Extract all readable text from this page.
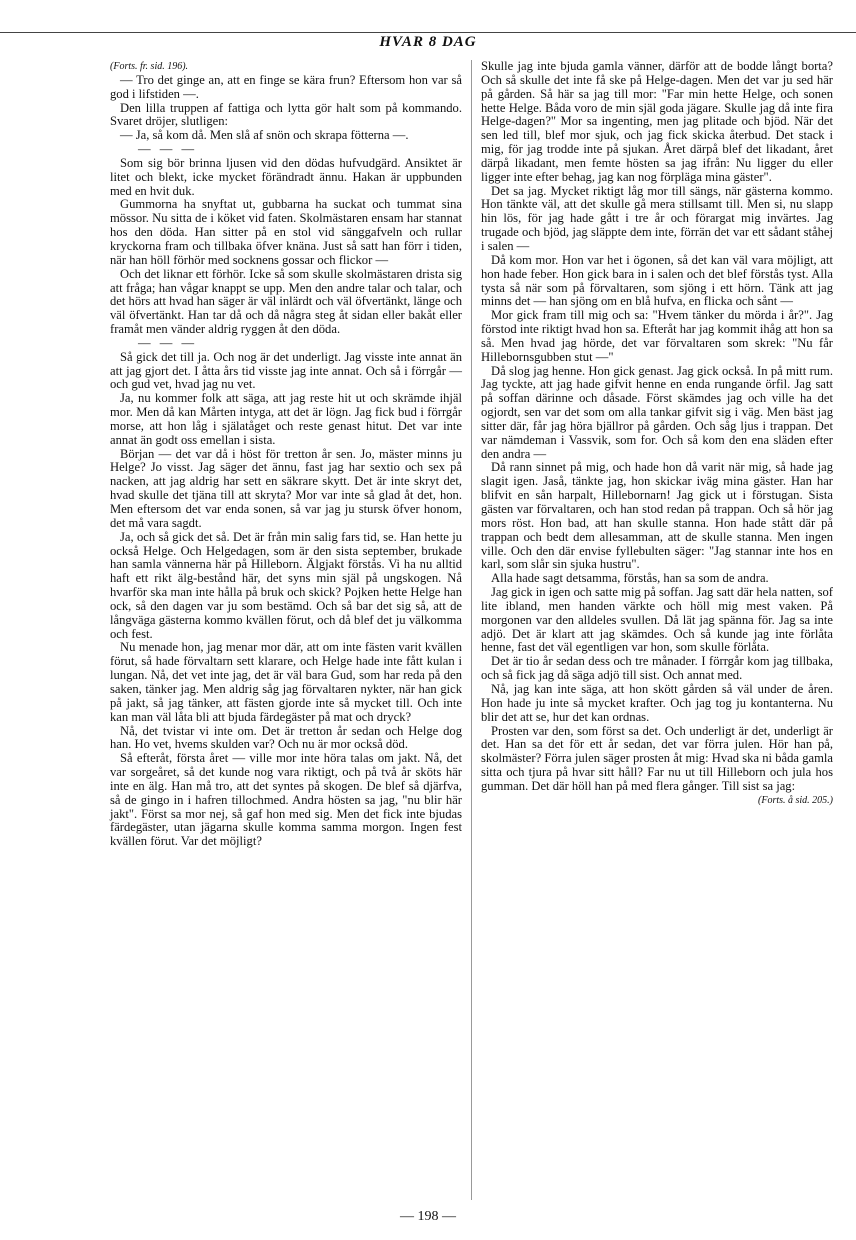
HVAR 8 DAG

(Forts. fr. sid. 196).

— Tro det ginge an, att en finge se kära frun? Eftersom hon var så god i lifstiden —.

Den lilla truppen af fattiga och lytta gör halt som på kommando. Svaret dröjer, slutligen:

— Ja, så kom då. Men slå af snön och skrapa fötterna —.

— — —

Som sig bör brinna ljusen vid den dödas hufvudgärd. Ansiktet är litet och blekt, icke mycket förändradt ännu. Hakan är uppbunden med en hvit duk.

Gummorna ha snyftat ut, gubbarna ha suckat och tummat sina mössor. Nu sitta de i köket vid faten. Skolmästaren ensam har stannat hos den döda. Han sitter på en stol vid sänggafveln och rullar kryckorna fram och tillbaka öfver knäna. Just så satt han förr i tiden, när han höll förhör med socknens gossar och flickor —

Och det liknar ett förhör. Icke så som skulle skolmästaren drista sig att fråga; han vågar knappt se upp. Men den andre talar och talar, och det hörs att hvad han säger är väl inlärdt och väl öfvertänkt, länge och väl öfvertänkt. Han tar då och då några steg åt sidan eller bakåt eller framåt men vänder aldrig ryggen åt den döda.

— — —

Så gick det till ja. Och nog är det underligt. Jag visste inte annat än att jag gjort det. I åtta års tid visste jag inte annat. Och så i förrgår — och gud vet, hvad jag nu vet.

Ja, nu kommer folk att säga, att jag reste hit ut och skrämde ihjäl mor. Men då kan Mårten intyga, att det är lögn. Jag fick bud i förrgår morse, att hon låg i själatåget och reste genast hitut. Det var inte annat än godt oss emellan i sista.

Början — det var då i höst för tretton år sen. Jo, mäster minns ju Helge? Jo visst. Jag säger det ännu, fast jag har sextio och sex på nacken, att jag aldrig har sett en säkrare skytt. Det är inte skryt det, hvad skulle det tjäna till att skryta? Mor var inte så glad åt det, hon. Men eftersom det var enda sonen, så var jag ju stursk öfver honom, det må vara sagdt.

Ja, och så gick det så. Det är från min salig fars tid, se. Han hette ju också Helge. Och Helgedagen, som är den sista september, brukade han samla vännerna här på Hilleborn. Älgjakt förstås. Vi ha nu alltid haft ett rikt älg-bestånd här, det syns min själ på ungskogen. Nå hvarför ska man inte hålla på bruk och skick? Pojken hette Helge han ock, så den dagen var ju som bestämd. Och så bar det sig så, att de långväga gästerna kommo kvällen förut, och då blef det ju välkomma och fest.

Nu menade hon, jag menar mor där, att om inte fästen varit kvällen förut, så hade förvaltarn sett klarare, och Helge hade inte fått kulan i lungan. Nå, det vet inte jag, det är väl bara Gud, som har reda på den saken, tänker jag. Men aldrig såg jag förvaltaren nykter, när han gick på jakt, så jag tänker, att fästen gjorde inte så mycket till. Och inte kan man väl låta bli att bjuda färdegäster på mat och dryck?

Nå, det tvistar vi inte om. Det är tretton år sedan och Helge dog han. Ho vet, hvems skulden var? Och nu är mor också död.

Så efteråt, första året — ville mor inte höra talas om jakt. Nå, det var sorgeåret, så det kunde nog vara riktigt, och på två år sköts här inte en älg. Han må tro, att det syntes på skogen. De blef så djärfva, så de gingo in i hafren tillochmed. Andra hösten sa jag, "nu blir här jakt". Först sa mor nej, så gaf hon med sig. Men det fick inte bjudas färdegäster, utan jägarna skulle komma samma morgon. Ingen fest kvällen förut. Var det möjligt?

Skulle jag inte bjuda gamla vänner, därför att de bodde långt borta? Och så skulle det inte få ske på Helge-dagen. Men det var ju sed här på gården. Så här sa jag till mor: "Far min hette Helge, och sonen hette Helge. Båda voro de min själ goda jägare. Skulle jag då inte fira Helge-dagen?" Mor sa ingenting, men jag plitade och bjöd. När det sen led till, blef mor sjuk, och jag fick skicka återbud. Det stack i mig, för jag trodde inte på sjukan. Året därpå blef det likadant, året därpå likadant, men femte hösten sa jag ifrån: Nu ligger du eller ligger inte efter behag, jag kan nog förpläga mina gäster".

Det sa jag. Mycket riktigt låg mor till sängs, när gästerna kommo. Hon tänkte väl, att det skulle gå mera stillsamt till. Men si, nu slapp hin lös, för jag hade gått i tre år och förargat mig invärtes. Jag trugade och bjöd, jag släppte dem inte, förrän det var ett sådant ståhej i salen —

Då kom mor. Hon var het i ögonen, så det kan väl vara möjligt, att hon hade feber. Hon gick bara in i salen och det blef förstås tyst. Alla tysta så när som på förvaltaren, som sjöng i ett hörn. Tänk att jag minns det — han sjöng om en blå hufva, en flicka och sånt —

Mor gick fram till mig och sa: "Hvem tänker du mörda i år?". Jag förstod inte riktigt hvad hon sa. Efteråt har jag kommit ihåg att hon sa så. Men hvad jag hörde, det var förvaltaren som skrek: "Nu får Hillebornsgubben stut —"

Då slog jag henne. Hon gick genast. Jag gick också. In på mitt rum. Jag tyckte, att jag hade gifvit henne en enda rungande örfil. Jag satt på soffan därinne och dåsade. Först skämdes jag och ville ha det ogjordt, sen var det som om alla tankar gifvit sig i väg. Men bäst jag sitter där, får jag höra bjällror på gården. Och såg ljus i trappan. Det var nämdeman i Vassvik, som for. Och så kom den ena släden efter den andra —

Då rann sinnet på mig, och hade hon då varit när mig, så hade jag slagit igen. Jaså, tänkte jag, hon skickar iväg mina gäster. Han har blifvit en sån harpalt, Hillebornarn! Jag gick ut i förstugan. Sista gästen var förvaltaren, och han stod redan på trappan. Och så hör jag mors röst. Hon bad, att han skulle stanna. Hon hade stått där på trappan och bedt dem allesamman, att de skulle stanna. Men ingen ville. Och den där envise fyllebulten säger: "Jag stannar inte hos en karl, som slår sin sjuka hustru".

Alla hade sagt detsamma, förstås, han sa som de andra.

Jag gick in igen och satte mig på soffan. Jag satt där hela natten, sof lite ibland, men handen värkte och höll mig mest vaken. På morgonen var den alldeles svullen. Då lät jag spänna för. Jag sa inte adjö. Det är klart att jag skämdes. Och så kunde jag inte förlåta henne, fast det väl egentligen var hon, som skulle förlåta.

Det är tio år sedan dess och tre månader. I förrgår kom jag tillbaka, och så fick jag då säga adjö till sist. Och annat med.

Nå, jag kan inte säga, att hon skött gården så väl under de åren. Hon hade ju inte så mycket krafter. Och jag tog ju kontanterna. Nu blir det att se, hur det kan ordnas.

Prosten var den, som först sa det. Och underligt är det, underligt är det. Han sa det för ett år sedan, det var förra julen. Hör han på, skolmäster? Förra julen säger prosten åt mig: Hvad ska ni båda gamla sitta och tjura på hvar sitt håll? Far nu ut till Hilleborn och jula hos gumman. Det där höll han på med flera gånger. Till sist sa jag:

(Forts. å sid. 205.)

— 198 —
